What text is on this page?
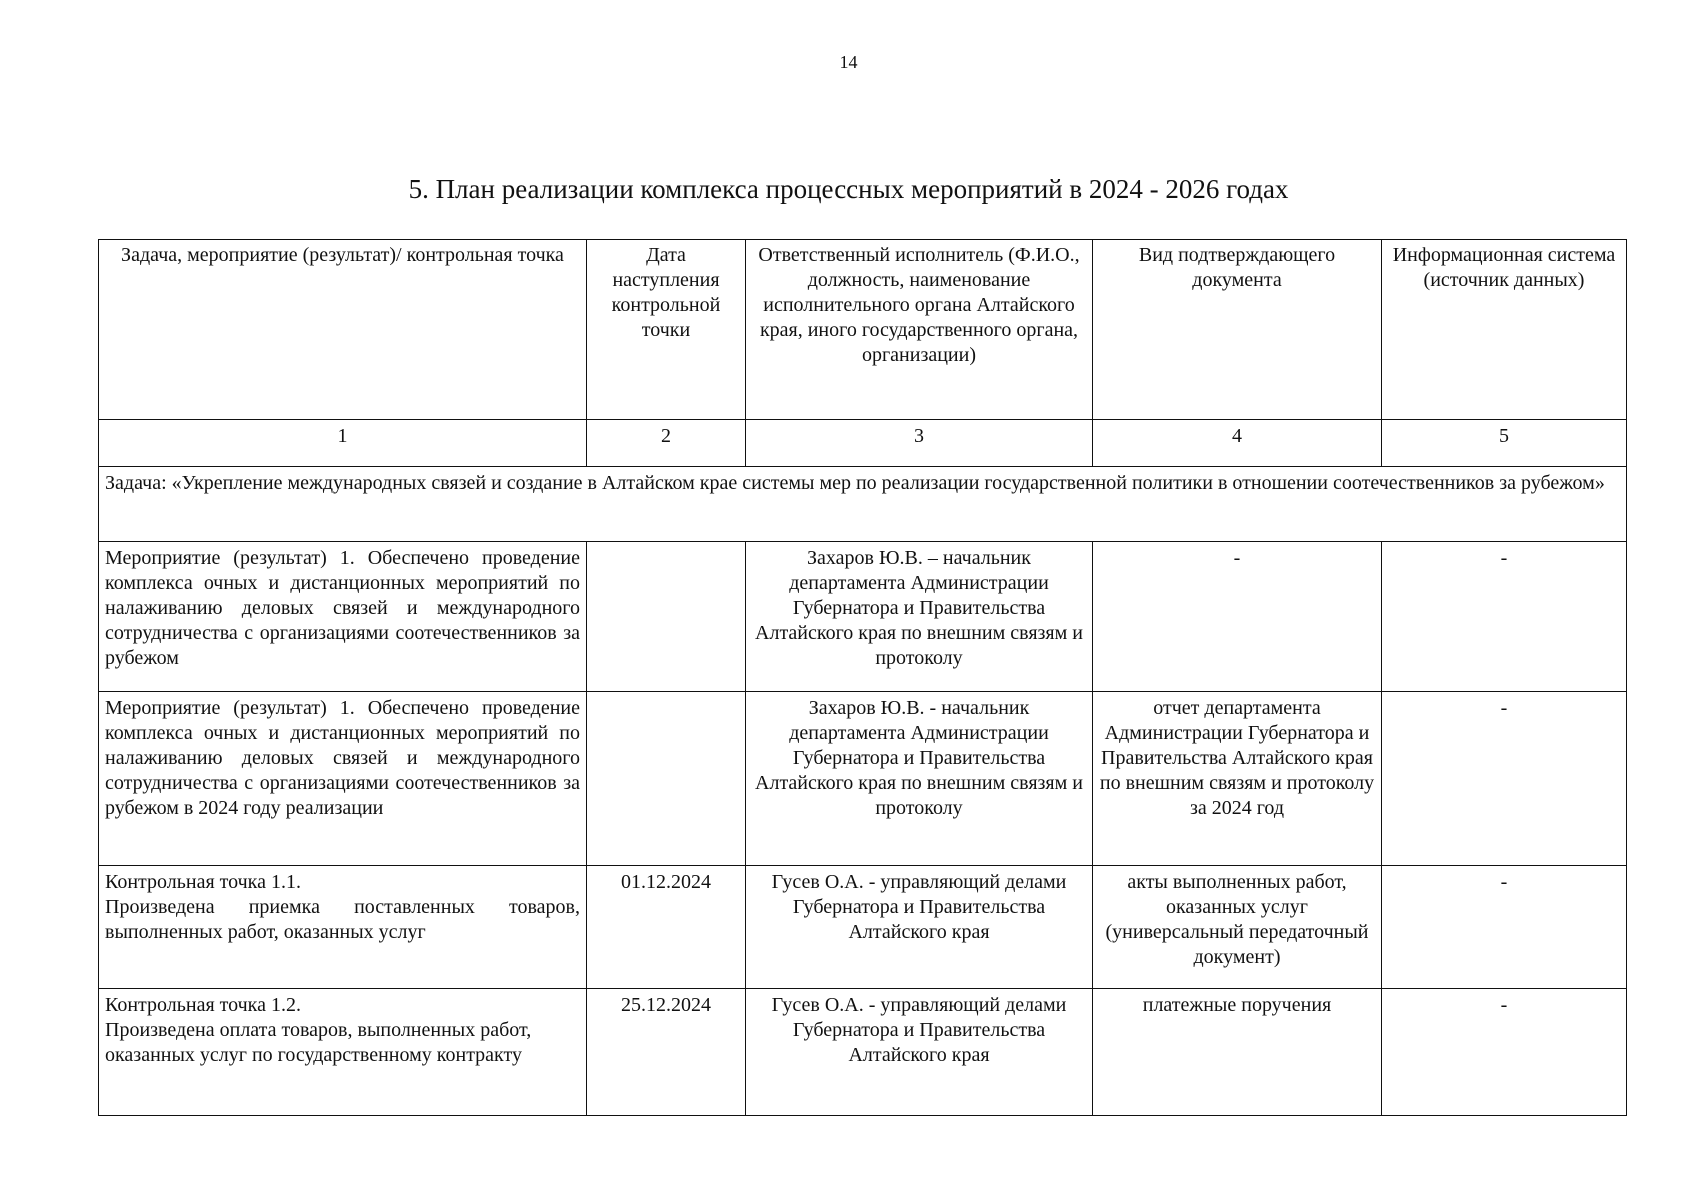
14
5. План реализации комплекса процессных мероприятий в 2024 - 2026 годах
Задача, мероприятие (результат)/ контрольная точка	Дата наступления контрольной точки	Ответственный исполнитель (Ф.И.О., должность, наименование исполнительного органа Алтайского края, иного государственного органа, организации)	Вид подтверждающего документа	Информационная система (источник данных)
1	2	3	4	5
Задача: «Укрепление международных связей и создание в Алтайском крае системы мер по реализации государственной политики в отношении соотечественников за рубежом»				
Мероприятие (результат) 1. Обеспечено проведение комплекса очных и дистанционных мероприятий по налаживанию деловых связей и международного сотрудничества с организациями соотечественников за рубежом		Захаров Ю.В. – начальник департамента Администрации Губернатора и Правительства Алтайского края по внешним связям и протоколу	-	-
Мероприятие (результат) 1. Обеспечено проведение комплекса очных и дистанционных мероприятий по налаживанию деловых связей и международного сотрудничества с организациями соотечественников за рубежом в 2024 году реализации		Захаров Ю.В. - начальник департамента Администрации Губернатора и Правительства Алтайского края по внешним связям и протоколу	отчет департамента Администрации Губернатора и Правительства Алтайского края по внешним связям и протоколу за 2024 год	-

Контрольная точка 1.1.
Произведена приемка поставленных товаров, выполненных работ, оказанных услуг	01.12.2024	Гусев О.А. - управляющий делами Губернатора и Правительства Алтайского края	акты выполненных работ, оказанных услуг (универсальный передаточный документ)	-

Контрольная точка 1.2.
Произведена оплата товаров, выполненных работ, оказанных услуг по государственному контракту	25.12.2024	Гусев О.А. - управляющий делами Губернатора и Правительства Алтайского края	платежные поручения	-
